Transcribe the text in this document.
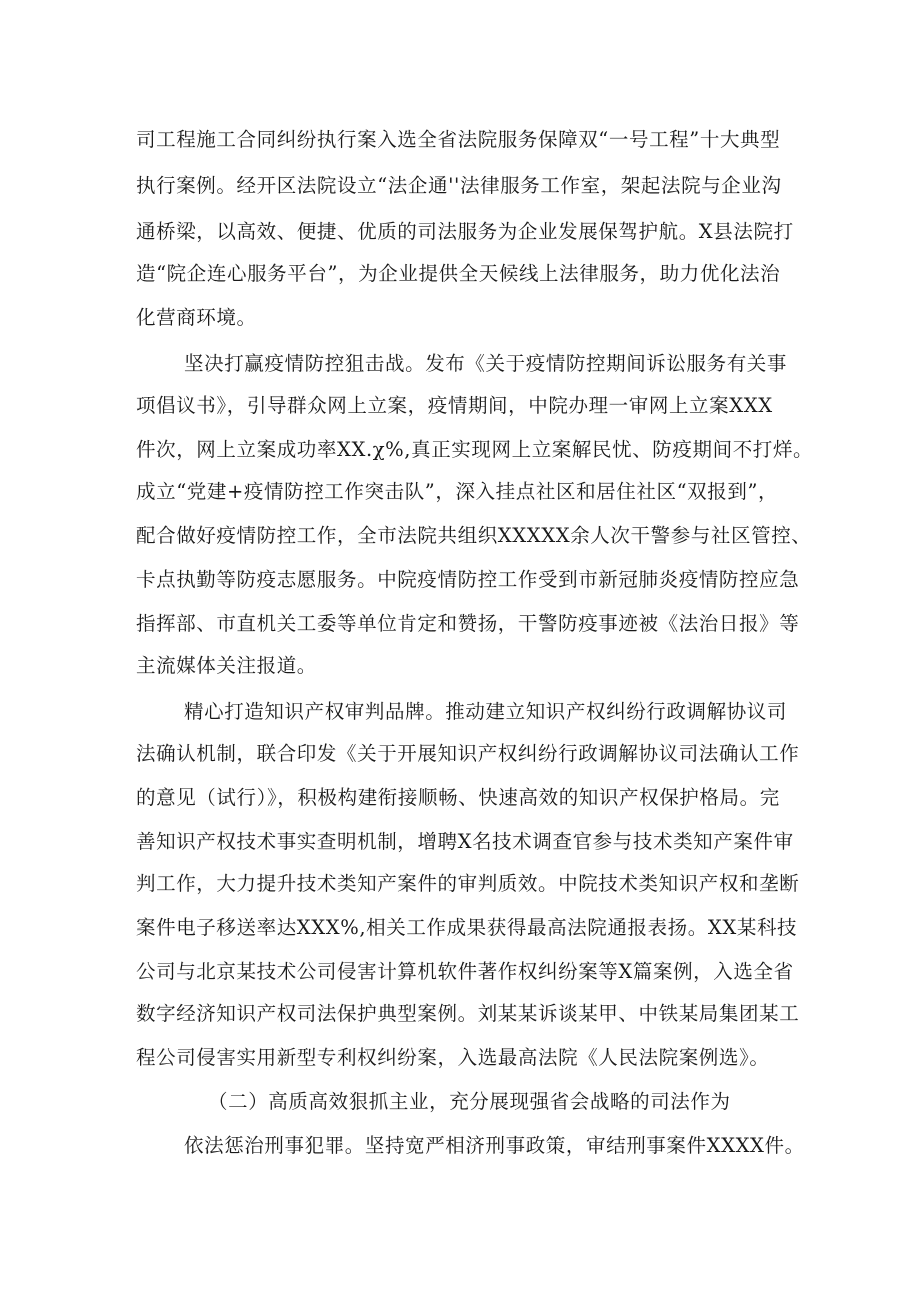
司工程施工合同纠纷执行案入选全省法院服务保障双“一号工程”十大典型
执行案例。经开区法院设立“法企通''法律服务工作室，架起法院与企业沟
通桥梁，以高效、便捷、优质的司法服务为企业发展保驾护航。X县法院打
造“院企连心服务平台”，为企业提供全天候线上法律服务，助力优化法治
化营商环境。
坚决打赢疫情防控狙击战。发布《关于疫情防控期间诉讼服务有关事
项倡议书》，引导群众网上立案，疫情期间，中院办理一审网上立案XXX
件次，网上立案成功率XX.χ%,真正实现网上立案解民忧、防疫期间不打烊。
成立“党建+疫情防控工作突击队”，深入挂点社区和居住社区“双报到”，
配合做好疫情防控工作，全市法院共组织XXXXX余人次干警参与社区管控、
卡点执勤等防疫志愿服务。中院疫情防控工作受到市新冠肺炎疫情防控应急
指挥部、市直机关工委等单位肯定和赞扬，干警防疫事迹被《法治日报》等
主流媒体关注报道。
精心打造知识产权审判品牌。推动建立知识产权纠纷行政调解协议司
法确认机制，联合印发《关于开展知识产权纠纷行政调解协议司法确认工作
的意见（试行）》，积极构建衔接顺畅、快速高效的知识产权保护格局。完
善知识产权技术事实查明机制，增聘X名技术调查官参与技术类知产案件审
判工作，大力提升技术类知产案件的审判质效。中院技术类知识产权和垄断
案件电子移送率达XXX%,相关工作成果获得最高法院通报表扬。XX某科技
公司与北京某技术公司侵害计算机软件著作权纠纷案等X篇案例，入选全省
数字经济知识产权司法保护典型案例。刘某某诉谈某甲、中铁某局集团某工
程公司侵害实用新型专利权纠纷案，入选最高法院《人民法院案例选》。
（二）高质高效狠抓主业，充分展现强省会战略的司法作为
依法惩治刑事犯罪。坚持宽严相济刑事政策，审结刑事案件XXXX件。
